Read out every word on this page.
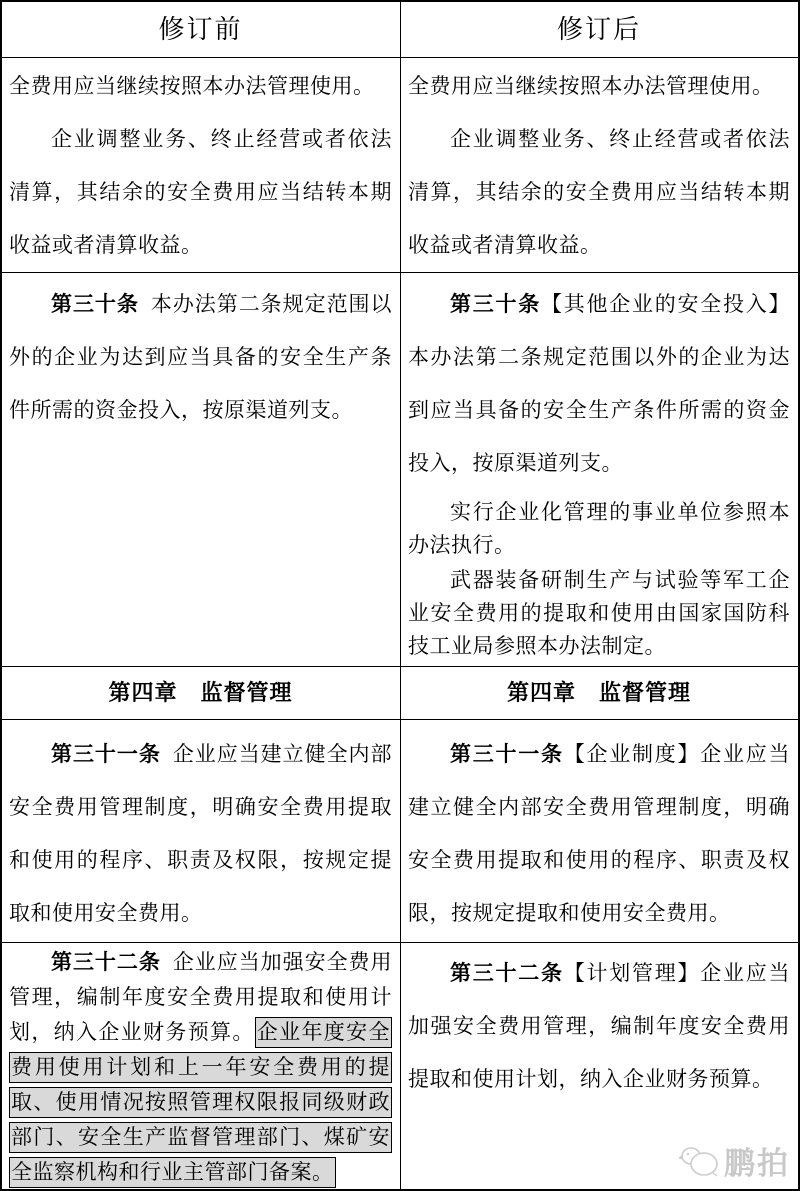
修订前	修订后

全费用应当继续按照本办法管理使用。

企业调整业务、终止经营或者依法清算，其结余的安全费用应当结转本期收益或者清算收益。

全费用应当继续按照本办法管理使用。

企业调整业务、终止经营或者依法清算，其结余的安全费用应当结转本期收益或者清算收益。

第三十条 本办法第二条规定范围以外的企业为达到应当具备的安全生产条件所需的资金投入，按原渠道列支。

第三十条【其他企业的安全投入】本办法第二条规定范围以外的企业为达到应当具备的安全生产条件所需的资金投入，按原渠道列支。

实行企业化管理的事业单位参照本办法执行。

武器装备研制生产与试验等军工企业安全费用的提取和使用由国家国防科技工业局参照本办法制定。

第四章　监督管理	第四章　监督管理

第三十一条 企业应当建立健全内部安全费用管理制度，明确安全费用提取和使用的程序、职责及权限，按规定提取和使用安全费用。

第三十一条【企业制度】企业应当建立健全内部安全费用管理制度，明确安全费用提取和使用的程序、职责及权限，按规定提取和使用安全费用。

第三十二条 企业应当加强安全费用管理，编制年度安全费用提取和使用计划，纳入企业财务预算。企业年度安全费用使用计划和上一年安全费用的提取、使用情况按照管理权限报同级财政部门、安全生产监督管理部门、煤矿安全监察机构和行业主管部门备案。

第三十二条【计划管理】企业应当加强安全费用管理，编制年度安全费用提取和使用计划，纳入企业财务预算。

鹏拍
